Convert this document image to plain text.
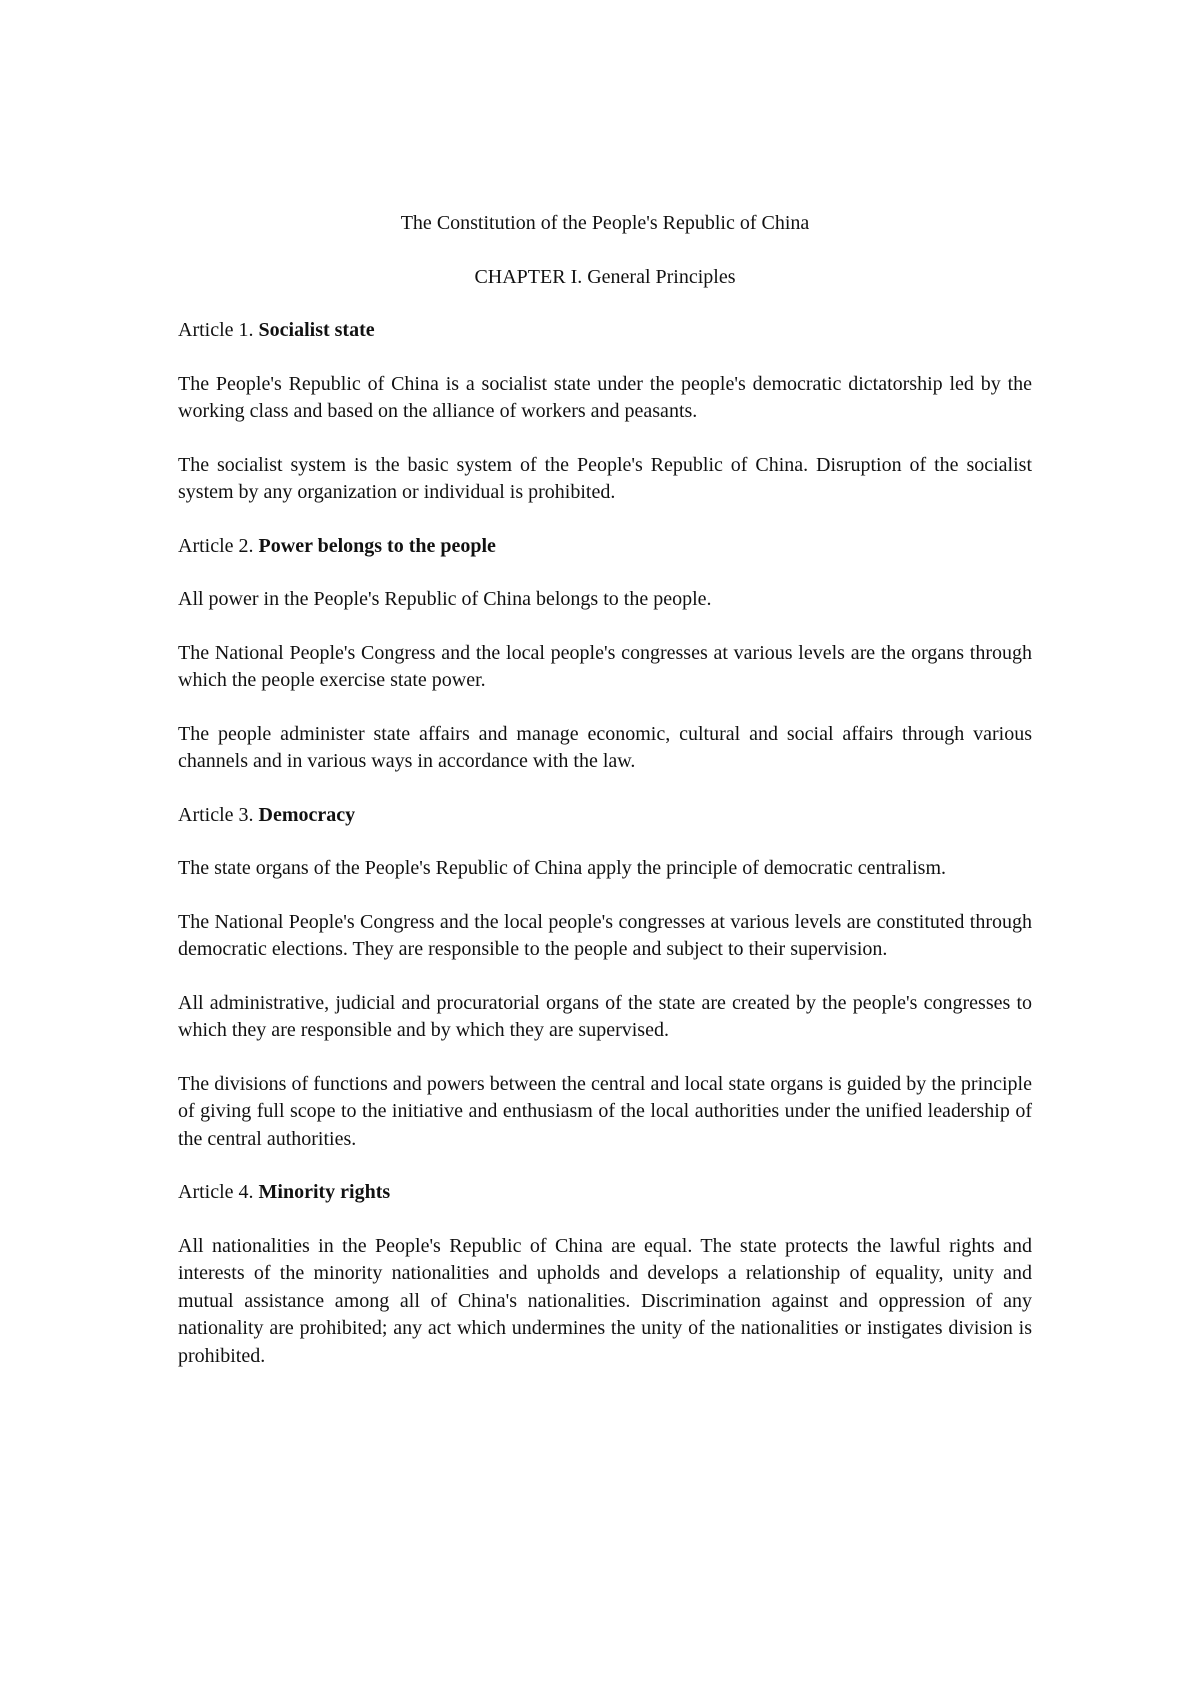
The Constitution of the People's Republic of China

CHAPTER I. General Principles

Article 1. Socialist state

The People's Republic of China is a socialist state under the people's democratic dictatorship led by the working class and based on the alliance of workers and peasants.

The socialist system is the basic system of the People's Republic of China. Disruption of the socialist system by any organization or individual is prohibited.

Article 2. Power belongs to the people

All power in the People's Republic of China belongs to the people.

The National People's Congress and the local people's congresses at various levels are the organs through which the people exercise state power.

The people administer state affairs and manage economic, cultural and social affairs through various channels and in various ways in accordance with the law.

Article 3. Democracy

The state organs of the People's Republic of China apply the principle of democratic centralism.

The National People's Congress and the local people's congresses at various levels are constituted through democratic elections. They are responsible to the people and subject to their supervision.

All administrative, judicial and procuratorial organs of the state are created by the people's congresses to which they are responsible and by which they are supervised.

The divisions of functions and powers between the central and local state organs is guided by the principle of giving full scope to the initiative and enthusiasm of the local authorities under the unified leadership of the central authorities.

Article 4. Minority rights

All nationalities in the People's Republic of China are equal. The state protects the lawful rights and interests of the minority nationalities and upholds and develops a relationship of equality, unity and mutual assistance among all of China's nationalities. Discrimination against and oppression of any nationality are prohibited; any act which undermines the unity of the nationalities or instigates division is prohibited.
